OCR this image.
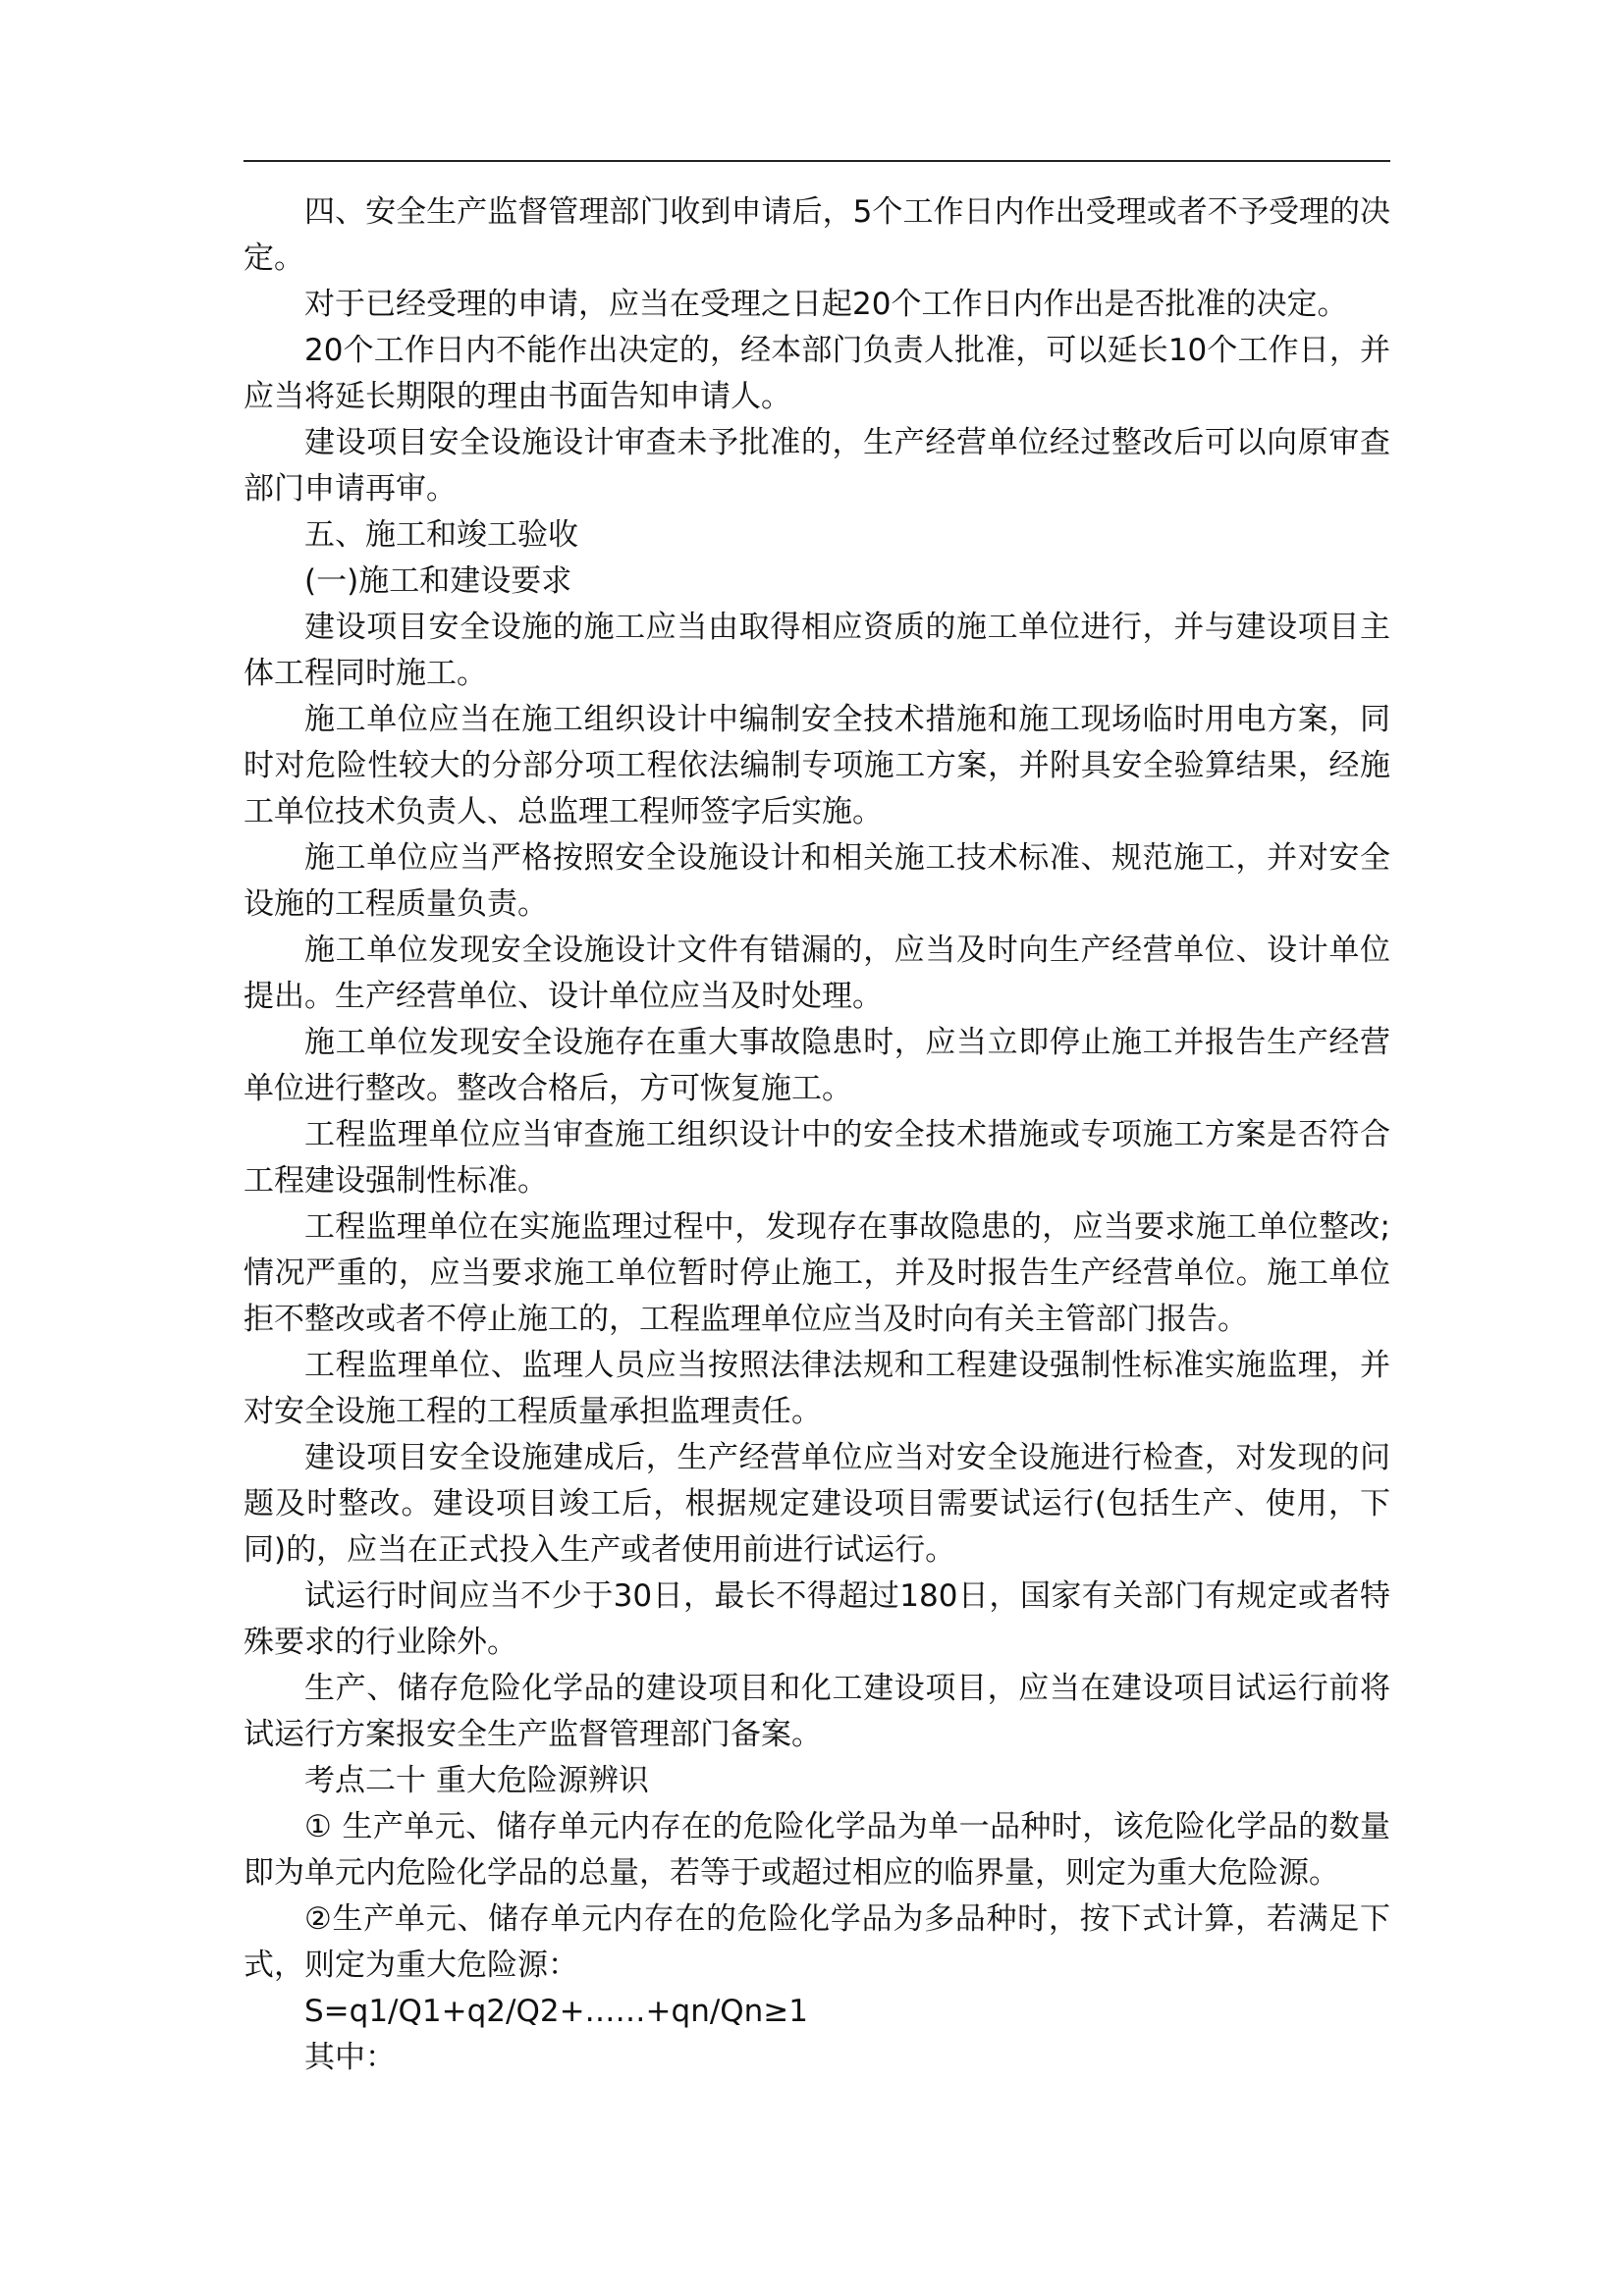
四、安全生产监督管理部门收到申请后，5个工作日内作出受理或者不予受理的决定。

对于已经受理的申请，应当在受理之日起20个工作日内作出是否批准的决定。

20个工作日内不能作出决定的，经本部门负责人批准，可以延长10个工作日，并应当将延长期限的理由书面告知申请人。

建设项目安全设施设计审查未予批准的，生产经营单位经过整改后可以向原审查部门申请再审。

五、施工和竣工验收

(一)施工和建设要求

建设项目安全设施的施工应当由取得相应资质的施工单位进行，并与建设项目主体工程同时施工。

施工单位应当在施工组织设计中编制安全技术措施和施工现场临时用电方案，同时对危险性较大的分部分项工程依法编制专项施工方案，并附具安全验算结果，经施工单位技术负责人、总监理工程师签字后实施。

施工单位应当严格按照安全设施设计和相关施工技术标准、规范施工，并对安全设施的工程质量负责。

施工单位发现安全设施设计文件有错漏的，应当及时向生产经营单位、设计单位提出。生产经营单位、设计单位应当及时处理。

施工单位发现安全设施存在重大事故隐患时，应当立即停止施工并报告生产经营单位进行整改。整改合格后，方可恢复施工。

工程监理单位应当审查施工组织设计中的安全技术措施或专项施工方案是否符合工程建设强制性标准。

工程监理单位在实施监理过程中，发现存在事故隐患的，应当要求施工单位整改;情况严重的，应当要求施工单位暂时停止施工，并及时报告生产经营单位。施工单位拒不整改或者不停止施工的，工程监理单位应当及时向有关主管部门报告。

工程监理单位、监理人员应当按照法律法规和工程建设强制性标准实施监理，并对安全设施工程的工程质量承担监理责任。

建设项目安全设施建成后，生产经营单位应当对安全设施进行检查，对发现的问题及时整改。建设项目竣工后，根据规定建设项目需要试运行(包括生产、使用，下同)的，应当在正式投入生产或者使用前进行试运行。

试运行时间应当不少于30日，最长不得超过180日，国家有关部门有规定或者特殊要求的行业除外。

生产、储存危险化学品的建设项目和化工建设项目，应当在建设项目试运行前将试运行方案报安全生产监督管理部门备案。

考点二十 重大危险源辨识

① 生产单元、储存单元内存在的危险化学品为单一品种时，该危险化学品的数量即为单元内危险化学品的总量，若等于或超过相应的临界量，则定为重大危险源。

②生产单元、储存单元内存在的危险化学品为多品种时，按下式计算，若满足下式，则定为重大危险源：

S=q1/Q1+q2/Q2+……+qn/Qn≥1

其中：
